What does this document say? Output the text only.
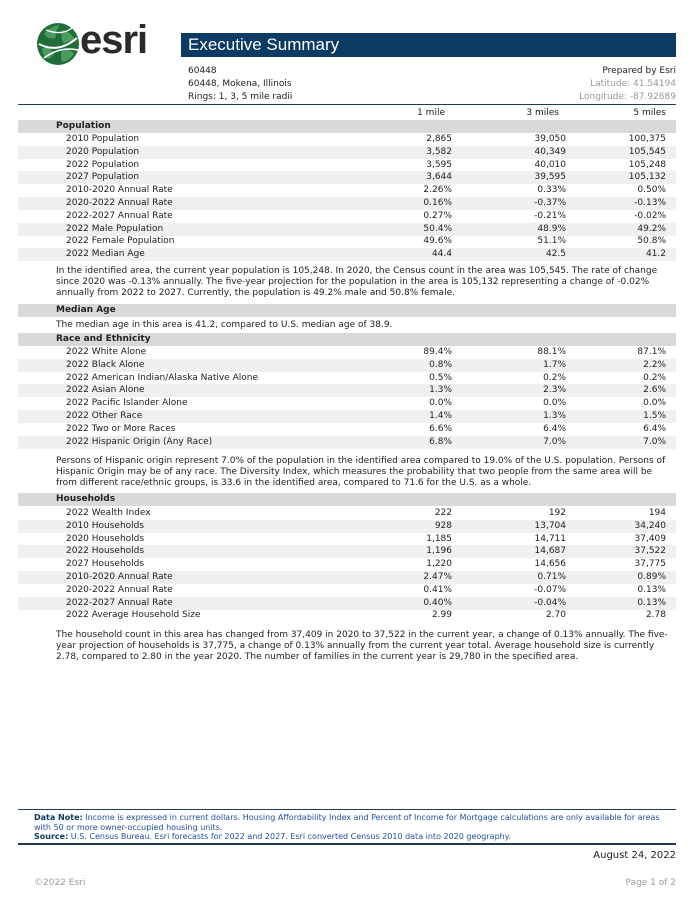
esri Executive Summary
60448
60448, Mokena, Illinois
Rings: 1, 3, 5 mile radii
Prepared by Esri
Latitude: 41.54194
Longitude: -87.92689
1 mile	3 miles	5 miles
Population
2010 Population	2,865	39,050	100,375
2020 Population	3,582	40,349	105,545
2022 Population	3,595	40,010	105,248
2027 Population	3,644	39,595	105,132
2010-2020 Annual Rate	2.26%	0.33%	0.50%
2020-2022 Annual Rate	0.16%	-0.37%	-0.13%
2022-2027 Annual Rate	0.27%	-0.21%	-0.02%
2022 Male Population	50.4%	48.9%	49.2%
2022 Female Population	49.6%	51.1%	50.8%
2022 Median Age	44.4	42.5	41.2
In the identified area, the current year population is 105,248. In 2020, the Census count in the area was 105,545. The rate of change since 2020 was -0.13% annually. The five-year projection for the population in the area is 105,132 representing a change of -0.02% annually from 2022 to 2027. Currently, the population is 49.2% male and 50.8% female.
Median Age
The median age in this area is 41.2, compared to U.S. median age of 38.9.
Race and Ethnicity
2022 White Alone	89.4%	88.1%	87.1%
2022 Black Alone	0.8%	1.7%	2.2%
2022 American Indian/Alaska Native Alone	0.5%	0.2%	0.2%
2022 Asian Alone	1.3%	2.3%	2.6%
2022 Pacific Islander Alone	0.0%	0.0%	0.0%
2022 Other Race	1.4%	1.3%	1.5%
2022 Two or More Races	6.6%	6.4%	6.4%
2022 Hispanic Origin (Any Race)	6.8%	7.0%	7.0%
Persons of Hispanic origin represent 7.0% of the population in the identified area compared to 19.0% of the U.S. population. Persons of Hispanic Origin may be of any race. The Diversity Index, which measures the probability that two people from the same area will be from different race/ethnic groups, is 33.6 in the identified area, compared to 71.6 for the U.S. as a whole.
Households
2022 Wealth Index	222	192	194
2010 Households	928	13,704	34,240
2020 Households	1,185	14,711	37,409
2022 Households	1,196	14,687	37,522
2027 Households	1,220	14,656	37,775
2010-2020 Annual Rate	2.47%	0.71%	0.89%
2020-2022 Annual Rate	0.41%	-0.07%	0.13%
2022-2027 Annual Rate	0.40%	-0.04%	0.13%
2022 Average Household Size	2.99	2.70	2.78
The household count in this area has changed from 37,409 in 2020 to 37,522 in the current year, a change of 0.13% annually. The five-year projection of households is 37,775, a change of 0.13% annually from the current year total. Average household size is currently 2.78, compared to 2.80 in the year 2020. The number of families in the current year is 29,780 in the specified area.
Data Note: Income is expressed in current dollars. Housing Affordability Index and Percent of Income for Mortgage calculations are only available for areas with 50 or more owner-occupied housing units.
Source: U.S. Census Bureau. Esri forecasts for 2022 and 2027. Esri converted Census 2010 data into 2020 geography.
August 24, 2022
©2022 Esri	Page 1 of 2
